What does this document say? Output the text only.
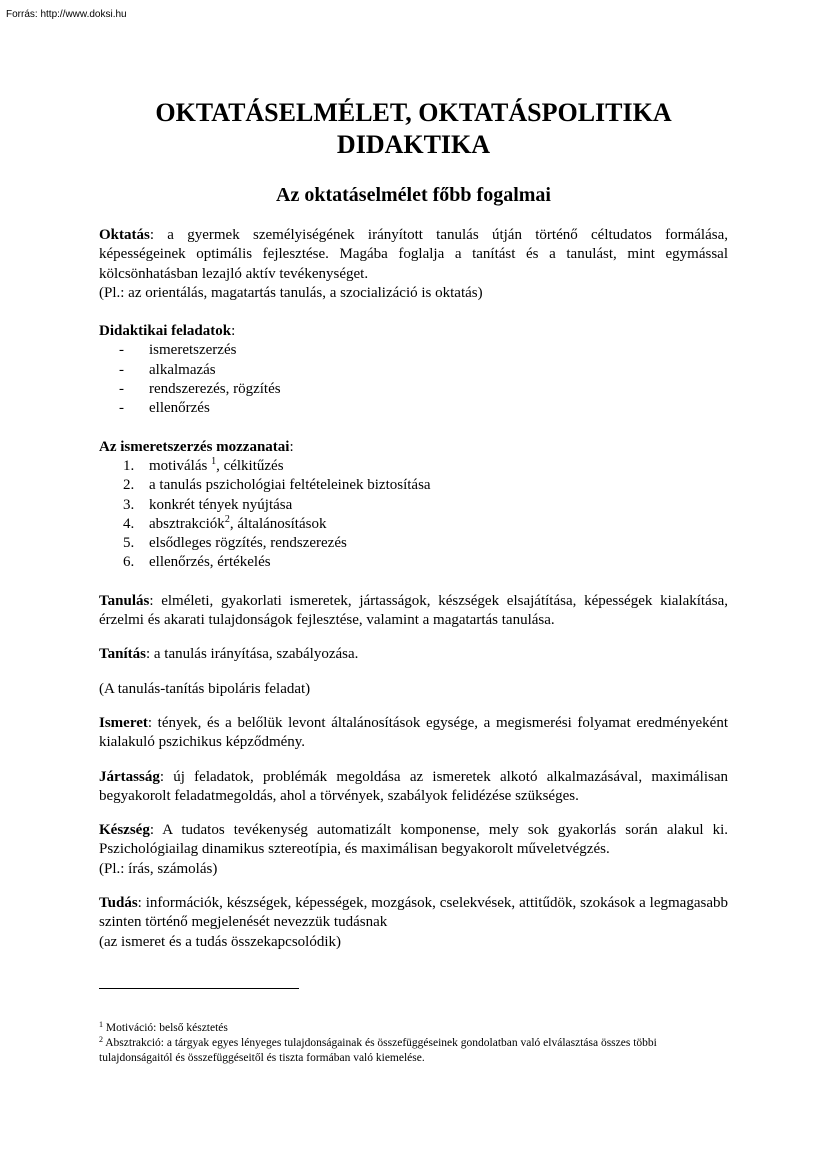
Forrás: http://www.doksi.hu
OKTATÁSELMÉLET, OKTATÁSPOLITIKA
DIDAKTIKA
Az oktatáselmélet főbb fogalmai

Oktatás: a gyermek személyiségének irányított tanulás útján történő céltudatos formálása, képességeinek optimális fejlesztése. Magába foglalja a tanítást és a tanulást, mint egymással kölcsönhatásban lezajló aktív tevékenységet.

(Pl.: az orientálás, magatartás tanulás, a szocializáció is oktatás)

Didaktikai feladatok:

- ismeretszerzés
- alkalmazás
- rendszerezés, rögzítés
- ellenőrzés

Az ismeretszerzés mozzanatai:

1. motiválás $^1$, célkitűzés
2. a tanulás pszichológiai feltételeinek biztosítása
3. konkrét tények nyújtása
4. absztrakciók$^2$, általánosítások
5. elsődleges rögzítés, rendszerezés
6. ellenőrzés, értékelés

Tanulás: elméleti, gyakorlati ismeretek, jártasságok, készségek elsajátítása, képességek kialakítása, érzelmi és akarati tulajdonságok fejlesztése, valamint a magatartás tanulása.

Tanítás: a tanulás irányítása, szabályozása.

(A tanulás-tanítás bipoláris feladat)

Ismeret: tények, és a belőlük levont általánosítások egysége, a megismerési folyamat eredményeként kialakuló pszichikus képződmény.

Jártasság: új feladatok, problémák megoldása az ismeretek alkotó alkalmazásával, maximálisan begyakorolt feladatmegoldás, ahol a törvények, szabályok felidézése szükséges.

Készség: A tudatos tevékenység automatizált komponense, mely sok gyakorlás során alakul ki. Pszichológiailag dinamikus sztereotípia, és maximálisan begyakorolt műveletvégzés.

(Pl.: írás, számolás)

Tudás: információk, készségek, képességek, mozgások, cselekvések, attitűdök, szokások a legmagasabb szinten történő megjelenését nevezzük tudásnak

(az ismeret és a tudás összekapcsolódik)

$^1$ Motiváció: belső késztetés

$^2$ Absztrakció: a tárgyak egyes lényeges tulajdonságainak és összefüggéseinek gondolatban való elválasztása összes többi tulajdonságaitól és összefüggéseitől és tiszta formában való kiemelése.
